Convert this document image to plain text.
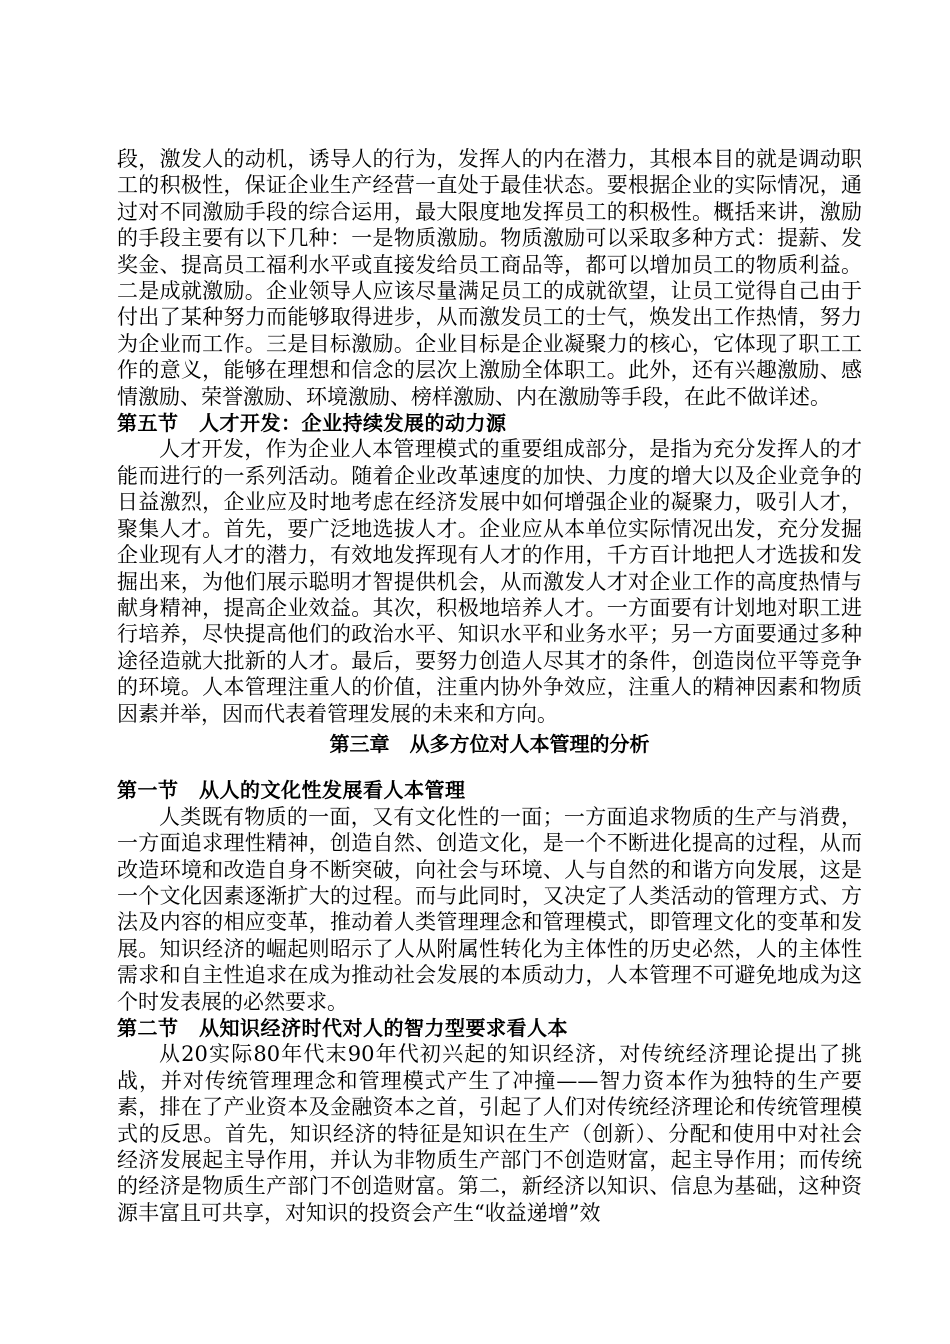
段，激发人的动机，诱导人的行为，发挥人的内在潜力，其根本目的就是调动职工的积极性，保证企业生产经营一直处于最佳状态。要根据企业的实际情况，通过对不同激励手段的综合运用，最大限度地发挥员工的积极性。概括来讲，激励的手段主要有以下几种：一是物质激励。物质激励可以采取多种方式：提薪、发奖金、提高员工福利水平或直接发给员工商品等，都可以增加员工的物质利益。二是成就激励。企业领导人应该尽量满足员工的成就欲望，让员工觉得自己由于付出了某种努力而能够取得进步，从而激发员工的士气，焕发出工作热情，努力为企业而工作。三是目标激励。企业目标是企业凝聚力的核心，它体现了职工工作的意义，能够在理想和信念的层次上激励全体职工。此外，还有兴趣激励、感情激励、荣誉激励、环境激励、榜样激励、内在激励等手段，在此不做详述。

第五节　人才开发：企业持续发展的动力源

人才开发，作为企业人本管理模式的重要组成部分，是指为充分发挥人的才能而进行的一系列活动。随着企业改革速度的加快、力度的增大以及企业竞争的日益激烈，企业应及时地考虑在经济发展中如何增强企业的凝聚力，吸引人才，聚集人才。首先，要广泛地选拔人才。企业应从本单位实际情况出发，充分发掘企业现有人才的潜力，有效地发挥现有人才的作用，千方百计地把人才选拔和发掘出来，为他们展示聪明才智提供机会，从而激发人才对企业工作的高度热情与献身精神，提高企业效益。其次，积极地培养人才。一方面要有计划地对职工进行培养，尽快提高他们的政治水平、知识水平和业务水平；另一方面要通过多种途径造就大批新的人才。最后，要努力创造人尽其才的条件，创造岗位平等竞争的环境。人本管理注重人的价值，注重内协外争效应，注重人的精神因素和物质因素并举，因而代表着管理发展的未来和方向。

第三章　从多方位对人本管理的分析

第一节　从人的文化性发展看人本管理

人类既有物质的一面，又有文化性的一面；一方面追求物质的生产与消费，一方面追求理性精神，创造自然、创造文化，是一个不断进化提高的过程，从而改造环境和改造自身不断突破，向社会与环境、人与自然的和谐方向发展，这是一个文化因素逐渐扩大的过程。而与此同时，又决定了人类活动的管理方式、方法及内容的相应变革，推动着人类管理理念和管理模式，即管理文化的变革和发展。知识经济的崛起则昭示了人从附属性转化为主体性的历史必然，人的主体性需求和自主性追求在成为推动社会发展的本质动力，人本管理不可避免地成为这个时发表展的必然要求。

第二节　从知识经济时代对人的智力型要求看人本

从20实际80年代末90年代初兴起的知识经济，对传统经济理论提出了挑战，并对传统管理理念和管理模式产生了冲撞——智力资本作为独特的生产要素，排在了产业资本及金融资本之首，引起了人们对传统经济理论和传统管理模式的反思。首先，知识经济的特征是知识在生产（创新）、分配和使用中对社会经济发展起主导作用，并认为非物质生产部门不创造财富，起主导作用；而传统的经济是物质生产部门不创造财富。第二，新经济以知识、信息为基础，这种资源丰富且可共享，对知识的投资会产生“收益递增”效
